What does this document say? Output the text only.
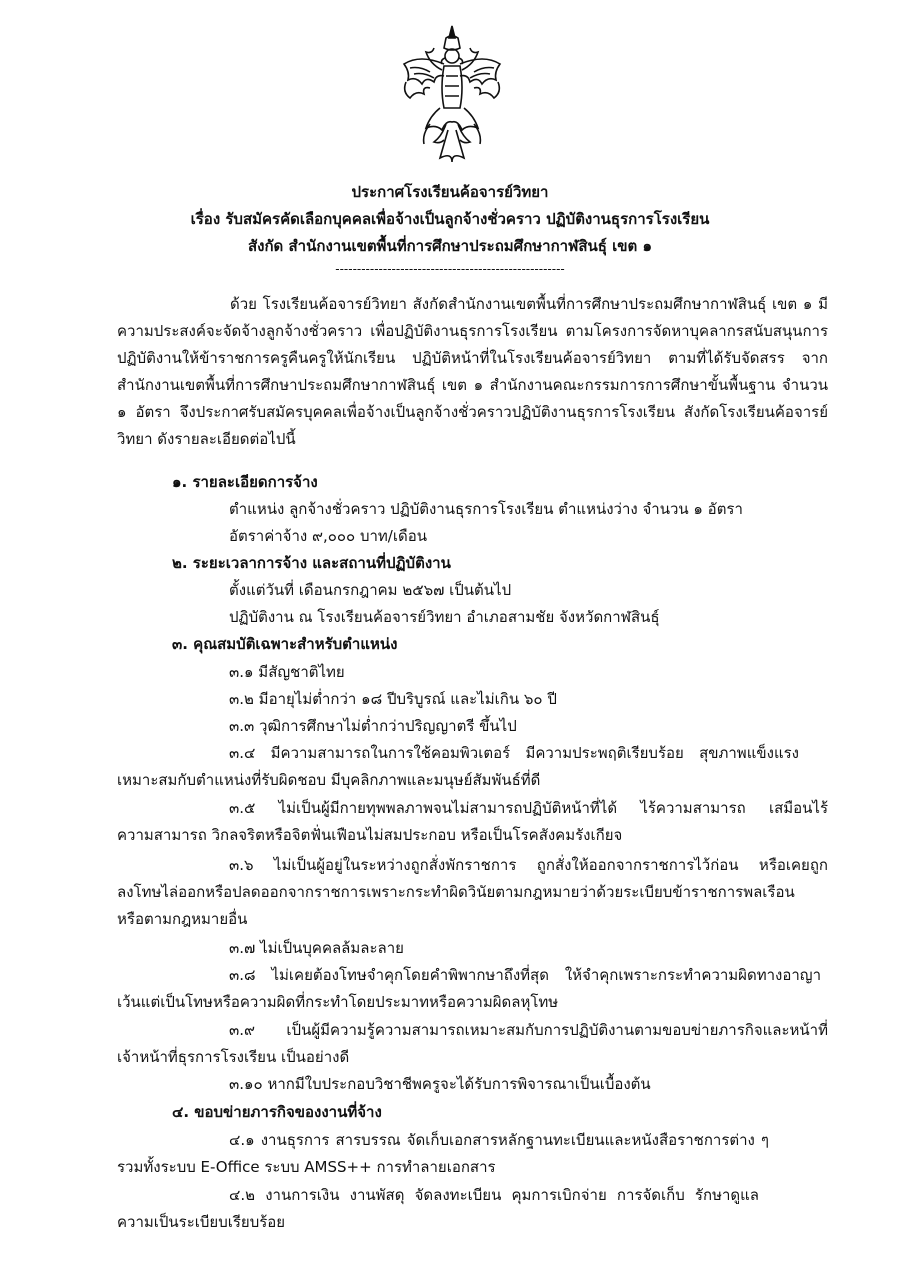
ประกาศโรงเรียนค้อจารย์วิทยา
เรื่อง รับสมัครคัดเลือกบุคคลเพื่อจ้างเป็นลูกจ้างชั่วคราว ปฏิบัติงานธุรการโรงเรียน
สังกัด สำนักงานเขตพื้นที่การศึกษาประถมศึกษากาฬสินธุ์ เขต ๑
-----------------------------------------------------
ด้วย โรงเรียนค้อจารย์วิทยา สังกัดสำนักงานเขตพื้นที่การศึกษาประถมศึกษากาฬสินธุ์ เขต ๑ มี
ความประสงค์จะจัดจ้างลูกจ้างชั่วคราว เพื่อปฏิบัติงานธุรการโรงเรียน ตามโครงการจัดหาบุคลากรสนับสนุนการ
ปฏิบัติงานให้ข้าราชการครูคืนครูให้นักเรียน ปฏิบัติหน้าที่ในโรงเรียนค้อจารย์วิทยา ตามที่ได้รับจัดสรร จาก
สำนักงานเขตพื้นที่การศึกษาประถมศึกษากาฬสินธุ์ เขต ๑ สำนักงานคณะกรรมการการศึกษาขั้นพื้นฐาน จำนวน
๑ อัตรา จึงประกาศรับสมัครบุคคลเพื่อจ้างเป็นลูกจ้างชั่วคราวปฏิบัติงานธุรการโรงเรียน สังกัดโรงเรียนค้อจารย์
วิทยา ดังรายละเอียดต่อไปนี้
๑. รายละเอียดการจ้าง
ตำแหน่ง ลูกจ้างชั่วคราว ปฏิบัติงานธุรการโรงเรียน ตำแหน่งว่าง จำนวน ๑ อัตรา
อัตราค่าจ้าง ๙,๐๐๐ บาท/เดือน
๒. ระยะเวลาการจ้าง และสถานที่ปฏิบัติงาน
ตั้งแต่วันที่ เดือนกรกฎาคม ๒๕๖๗ เป็นต้นไป
ปฏิบัติงาน ณ โรงเรียนค้อจารย์วิทยา อำเภอสามชัย จังหวัดกาฬสินธุ์
๓. คุณสมบัติเฉพาะสำหรับตำแหน่ง
๓.๑ มีสัญชาติไทย
๓.๒ มีอายุไม่ต่ำกว่า ๑๘ ปีบริบูรณ์ และไม่เกิน ๖๐ ปี
๓.๓ วุฒิการศึกษาไม่ต่ำกว่าปริญญาตรี ขึ้นไป
๓.๔ มีความสามารถในการใช้คอมพิวเตอร์ มีความประพฤติเรียบร้อย สุขภาพแข็งแรง
เหมาะสมกับตำแหน่งที่รับผิดชอบ มีบุคลิกภาพและมนุษย์สัมพันธ์ที่ดี
๓.๕ ไม่เป็นผู้มีกายทุพพลภาพจนไม่สามารถปฏิบัติหน้าที่ได้ ไร้ความสามารถ เสมือนไร้
ความสามารถ วิกลจริตหรือจิตฟั่นเฟือนไม่สมประกอบ หรือเป็นโรคสังคมรังเกียจ
๓.๖ ไม่เป็นผู้อยู่ในระหว่างถูกสั่งพักราชการ ถูกสั่งให้ออกจากราชการไว้ก่อน หรือเคยถูก
ลงโทษไล่ออกหรือปลดออกจากราชการเพราะกระทำผิดวินัยตามกฎหมายว่าด้วยระเบียบข้าราชการพลเรือน
หรือตามกฎหมายอื่น
๓.๗ ไม่เป็นบุคคลล้มละลาย
๓.๘ ไม่เคยต้องโทษจำคุกโดยคำพิพากษาถึงที่สุด ให้จำคุกเพราะกระทำความผิดทางอาญา
เว้นแต่เป็นโทษหรือความผิดที่กระทำโดยประมาทหรือความผิดลหุโทษ
๓.๙ เป็นผู้มีความรู้ความสามารถเหมาะสมกับการปฏิบัติงานตามขอบข่ายภารกิจและหน้าที่
เจ้าหน้าที่ธุรการโรงเรียน เป็นอย่างดี
๓.๑๐ หากมีใบประกอบวิชาชีพครูจะได้รับการพิจารณาเป็นเบื้องต้น
๔. ขอบข่ายภารกิจของงานที่จ้าง
๔.๑ งานธุรการ สารบรรณ จัดเก็บเอกสารหลักฐานทะเบียนและหนังสือราชการต่าง ๆ
รวมทั้งระบบ E-Office ระบบ AMSS++ การทำลายเอกสาร
๔.๒ งานการเงิน งานพัสดุ จัดลงทะเบียน คุมการเบิกจ่าย การจัดเก็บ รักษาดูแล
ความเป็นระเบียบเรียบร้อย
